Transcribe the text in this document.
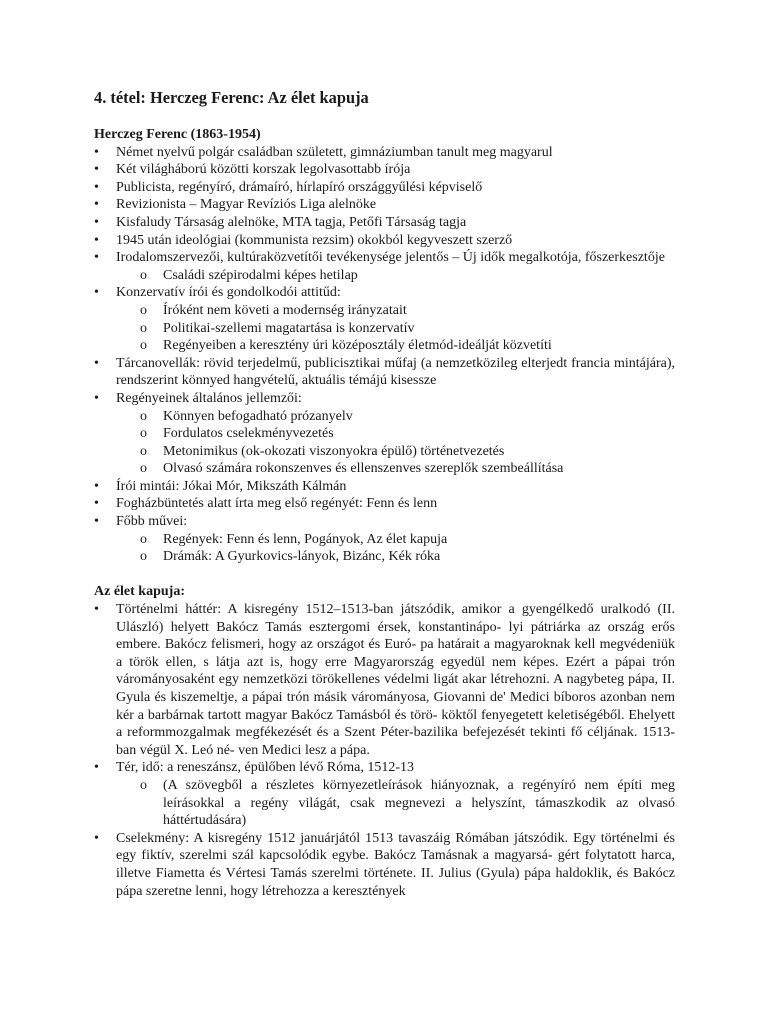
4. tétel: Herczeg Ferenc: Az élet kapuja

Herczeg Ferenc (1863-1954)

• Német nyelvű polgár családban született, gimnáziumban tanult meg magyarul
• Két világháború közötti korszak legolvasottabb írója
• Publicista, regényíró, drámaíró, hírlapíró országgyűlési képviselő
• Revizionista – Magyar Revíziós Liga alelnöke
• Kisfaludy Társaság alelnöke, MTA tagja, Petőfi Társaság tagja
• 1945 után ideológiai (kommunista rezsim) okokból kegyveszett szerző
• Irodalomszervezői, kultúraközvetítői tevékenysége jelentős – Új idők megalkotója, főszerkesztője
o Családi szépirodalmi képes hetilap
• Konzervatív írói és gondolkodói attitűd:
o Íróként nem követi a modernség irányzatait
o Politikai-szellemi magatartása is konzervatív
o Regényeiben a keresztény úri középosztály életmód-ideálját közvetíti
• Tárcanovellák: rövid terjedelmű, publicisztikai műfaj (a nemzetközileg elterjedt francia mintájára), rendszerint könnyed hangvételű, aktuális témájú kisessze
• Regényeinek általános jellemzői:
o Könnyen befogadható prózanyelv
o Fordulatos cselekményvezetés
o Metonimikus (ok-okozati viszonyokra épülő) történetvezetés
o Olvasó számára rokonszenves és ellenszenves szereplők szembeállítása
• Írói mintái: Jókai Mór, Mikszáth Kálmán
• Fogházbüntetés alatt írta meg első regényét: Fenn és lenn
• Főbb művei:
o Regények: Fenn és lenn, Pogányok, Az élet kapuja
o Drámák: A Gyurkovics-lányok, Bizánc, Kék róka

Az élet kapuja:

• Történelmi háttér: A kisregény 1512–1513-ban játszódik, amikor a gyengélkedő uralkodó (II. Ulászló) helyett Bakócz Tamás esztergomi érsek, konstantinápo- lyi pátriárka az ország erős embere. Bakócz felismeri, hogy az országot és Euró- pa határait a magyaroknak kell megvédeniük a török ellen, s látja azt is, hogy erre Magyarország egyedül nem képes. Ezért a pápai trón várományosaként egy nemzetközi törökellenes védelmi ligát akar létrehozni. A nagybeteg pápa, II. Gyula és kiszemeltje, a pápai trón másik várományosa, Giovanni de' Medici bíboros azonban nem kér a barbárnak tartott magyar Bakócz Tamásból és törö- köktől fenyegetett keletiségéből. Ehelyett a reformmozgalmak megfékezését és a Szent Péter-bazilika befejezését tekinti fő céljának. 1513-ban végül X. Leó né- ven Medici lesz a pápa.
• Tér, idő: a reneszánsz, épülőben lévő Róma, 1512-13
o (A szövegből a részletes környezetleírások hiányoznak, a regényíró nem építi meg leírásokkal a regény világát, csak megnevezi a helyszínt, támaszkodik az olvasó háttértudására)
• Cselekmény: A kisregény 1512 januárjától 1513 tavaszáig Rómában játszódik. Egy történelmi és egy fiktív, szerelmi szál kapcsolódik egybe. Bakócz Tamásnak a magyarsá- gért folytatott harca, illetve Fiametta és Vértesi Tamás szerelmi története. II. Julius (Gyula) pápa haldoklik, és Bakócz pápa szeretne lenni, hogy létrehozza a keresztények
